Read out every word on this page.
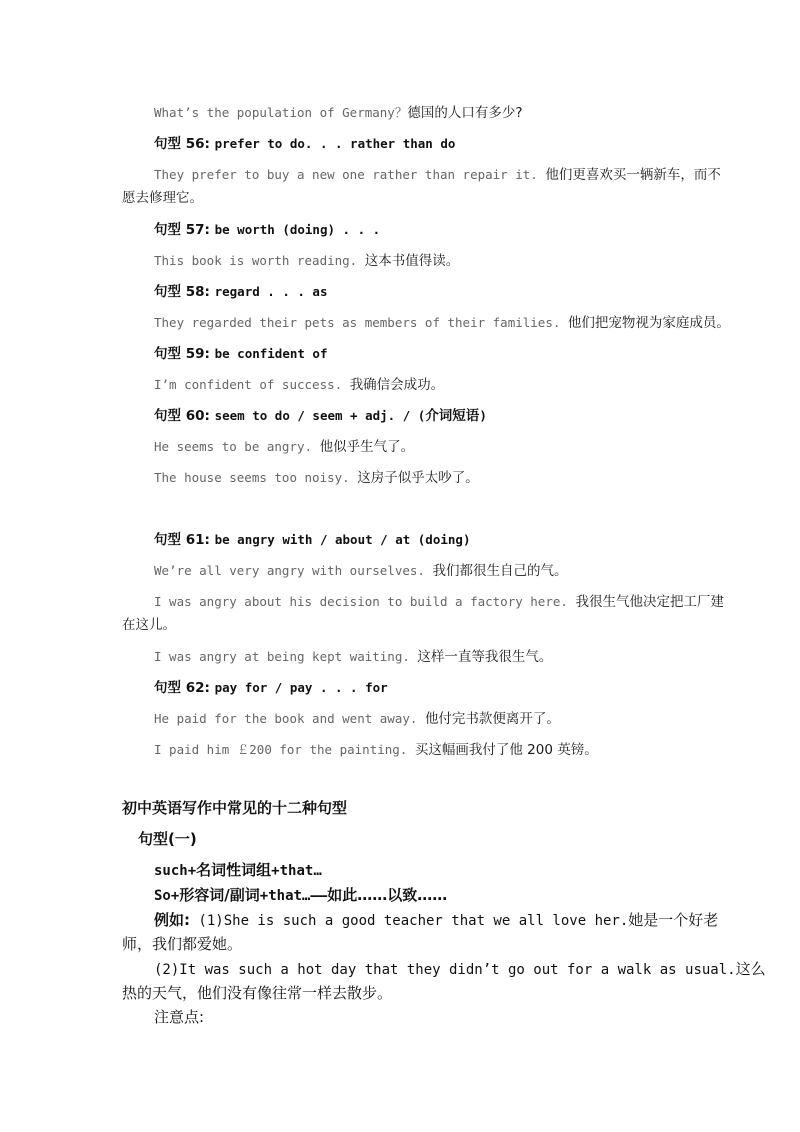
What’s the population of Germany？德国的人口有多少?
句型 56: prefer to do. . . rather than do
They prefer to buy a new one rather than repair it. 他们更喜欢买一辆新车，而不
愿去修理它。
句型 57: be worth (doing) . . .
This book is worth reading. 这本书值得读。
句型 58: regard . . . as
They regarded their pets as members of their families. 他们把宠物视为家庭成员。
句型 59: be confident of
I’m confident of success. 我确信会成功。
句型 60: seem to do / seem + adj. / (介词短语)
He seems to be angry. 他似乎生气了。
The house seems too noisy. 这房子似乎太吵了。
句型 61: be angry with / about / at (doing)
We’re all very angry with ourselves. 我们都很生自己的气。
I was angry about his decision to build a factory here. 我很生气他决定把工厂建
在这儿。
I was angry at being kept waiting. 这样一直等我很生气。
句型 62: pay for / pay . . . for
He paid for the book and went away. 他付完书款便离开了。
I paid him ￡200 for the painting. 买这幅画我付了他 200 英镑。
初中英语写作中常见的十二种句型
句型(一)
such+名词性词组+that…
So+形容词/副词+that…——如此……以致……
例如: (1)She is such a good teacher that we all love her.她是一个好老
师，我们都爱她。
(2)It was such a hot day that they didn’t go out for a walk as usual.这么
热的天气，他们没有像往常一样去散步。
注意点:
